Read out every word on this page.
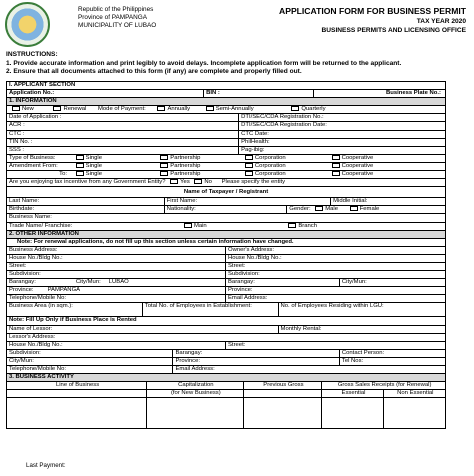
Republic of the Philippines
Province of PAMPANGA
MUNICIPALITY OF LUBAO
APPLICATION FORM FOR BUSINESS PERMIT
TAX YEAR 2020
BUSINESS PERMITS AND LICENSING OFFICE
INSTRUCTIONS:
1. Provide accurate information and print legibly to avoid delays. Incomplete application form will be returned to the applicant.
2. Ensure that all documents attached to this form (if any) are complete and properly filled out.
I. APPLICANT SECTION
Application No.:	BIN :	Business Plate No.:
1. INFORMATION
New	Renewal Mode of Payment:	Annually	Semi-Annually	Quarterly
Date of Application :	DTI/SEC/CDA Registration No.:
ACR :	DTI/SEC/CDA Registration Date:
CTC :	CTC Date:
TIN No. :	PhilHealth:
SSS :	Pag-ibig:
Type of Business:	Single	Partnership	Corporation	Cooperative
Amendment From:	Single	Partnership	Corporation	Cooperative
To:	Single	Partnership	Corporation	Cooperative
Are you enjoying tax incentive from any Government Entity? Yes No Please specify the entity
Name of Taxpayer / Registrant
Last Name:	First Name:	Middle Initial:
Birthdate:	Nationality:	Gender: Male	Female
Business Name:
Trade Name/ Franchise:	Main	Branch
2. OTHER INFORMATION
Note: For renewal applications, do not fill up this section unless certain information have changed.
Business Address:	Owner's Address:
House No./Bldg No.:	House No./Bldg No.:
Street:	Street:
Subdivision:	Subdivision:
Barangay:	City/Mun: LUBAO	Barangay:	City/Mun:
Province: PAMPANGA	Province:
Telephone/Mobile No:	Email Address:
Business Area (in sqm.):	Total No. of Employees in Establishment:	No. of Employees Residing within LGU:
Note: Fill Up Only if Business Place is Rented
Name of Lessor:	Monthly Rental:
Lessor's Address:
House No./Bldg No.:	Street:
Subdivision:	Barangay:	Contact Person:
City/Mun:	Province:	Tel Nos:
Telephone/Mobile No:	Email Address:
3. BUSINESS ACTIVITY
Line of Business	Capitalization	Previous Gross	Gross Sales Receipts (for Renewal)
(for New Business)	Essential	Non Essential
Last Payment:
